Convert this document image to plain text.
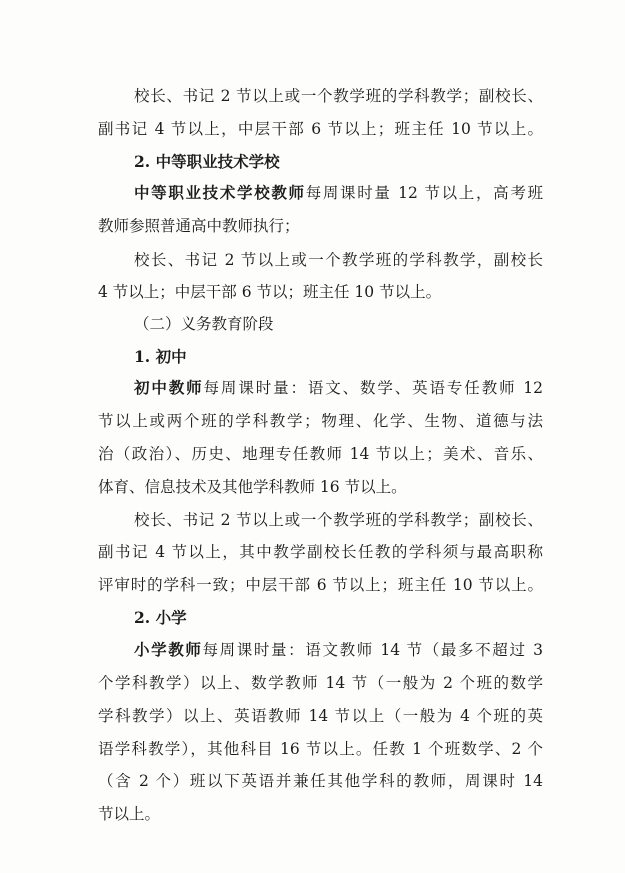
校长、书记 2 节以上或一个教学班的学科教学；副校长、
副书记 4 节以上，中层干部 6 节以上；班主任 10 节以上。
2. 中等职业技术学校
中等职业技术学校教师每周课时量 12 节以上，高考班
教师参照普通高中教师执行；
校长、书记 2 节以上或一个教学班的学科教学，副校长
4 节以上；中层干部 6 节以；班主任 10 节以上。
（二）义务教育阶段
1. 初中
初中教师每周课时量：语文、数学、英语专任教师 12
节以上或两个班的学科教学；物理、化学、生物、道德与法
治（政治）、历史、地理专任教师 14 节以上；美术、音乐、
体育、信息技术及其他学科教师 16 节以上。
校长、书记 2 节以上或一个教学班的学科教学；副校长、
副书记 4 节以上，其中教学副校长任教的学科须与最高职称
评审时的学科一致；中层干部 6 节以上；班主任 10 节以上。
2. 小学
小学教师每周课时量：语文教师 14 节（最多不超过 3
个学科教学）以上、数学教师 14 节（一般为 2 个班的数学
学科教学）以上、英语教师 14 节以上（一般为 4 个班的英
语学科教学），其他科目 16 节以上。任教 1 个班数学、2 个
（含 2 个）班以下英语并兼任其他学科的教师，周课时 14
节以上。
